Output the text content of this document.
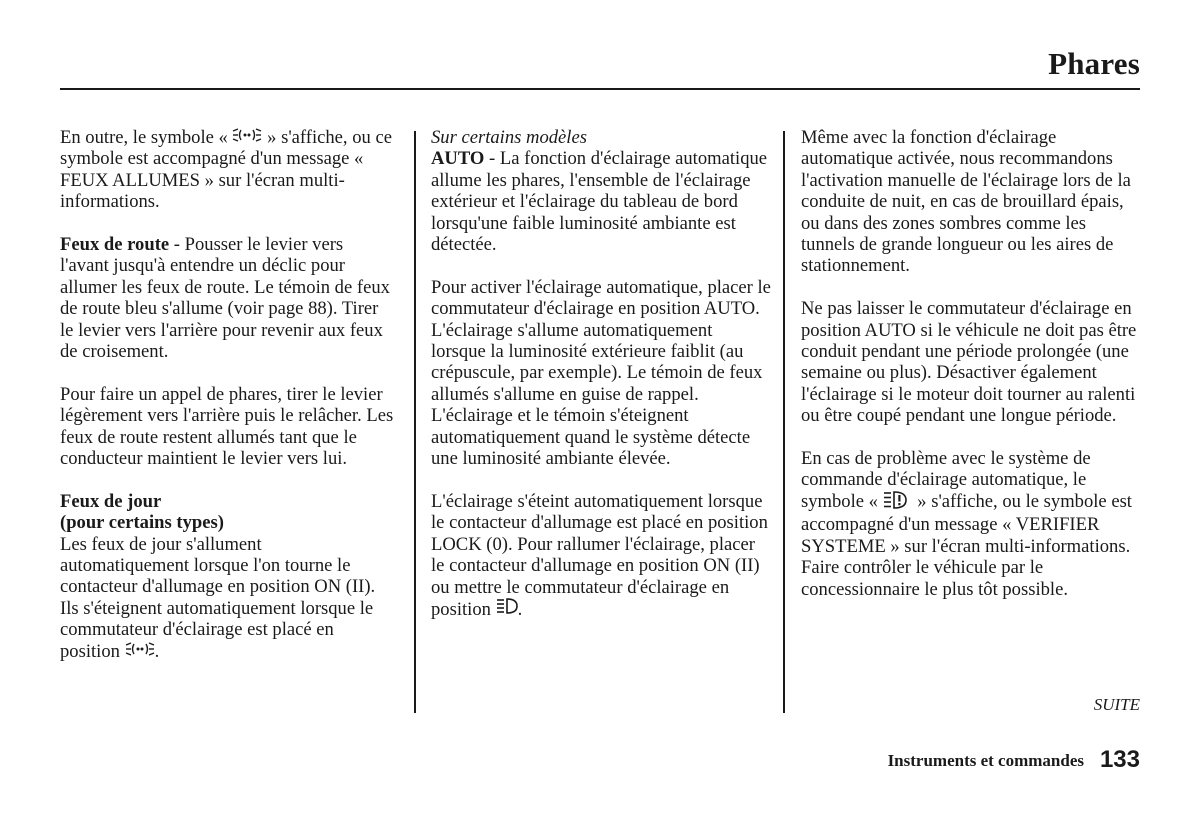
Phares

En outre, le symbole «  » s'affiche, ou ce symbole est accompagné d'un message « FEUX ALLUMES » sur l'écran multi-informations.

Feux de route - Pousser le levier vers l'avant jusqu'à entendre un déclic pour allumer les feux de route. Le témoin de feux de route bleu s'allume (voir page 88). Tirer le levier vers l'arrière pour revenir aux feux de croisement.

Pour faire un appel de phares, tirer le levier légèrement vers l'arrière puis le relâcher. Les feux de route restent allumés tant que le conducteur maintient le levier vers lui.

Feux de jour
(pour certains types)
Les feux de jour s'allument automatiquement lorsque l'on tourne le contacteur d'allumage en position ON (II). Ils s'éteignent automatiquement lorsque le commutateur d'éclairage est placé en position .

Sur certains modèles
AUTO - La fonction d'éclairage automatique allume les phares, l'ensemble de l'éclairage extérieur et l'éclairage du tableau de bord lorsqu'une faible luminosité ambiante est détectée.

Pour activer l'éclairage automatique, placer le commutateur d'éclairage en position AUTO. L'éclairage s'allume automatiquement lorsque la luminosité extérieure faiblit (au crépuscule, par exemple). Le témoin de feux allumés s'allume en guise de rappel. L'éclairage et le témoin s'éteignent automatiquement quand le système détecte une luminosité ambiante élevée.

L'éclairage s'éteint automatiquement lorsque le contacteur d'allumage est placé en position LOCK (0). Pour rallumer l'éclairage, placer le contacteur d'allumage en position ON (II) ou mettre le commutateur d'éclairage en position .

Même avec la fonction d'éclairage automatique activée, nous recommandons l'activation manuelle de l'éclairage lors de la conduite de nuit, en cas de brouillard épais, ou dans des zones sombres comme les tunnels de grande longueur ou les aires de stationnement.

Ne pas laisser le commutateur d'éclairage en position AUTO si le véhicule ne doit pas être conduit pendant une période prolongée (une semaine ou plus). Désactiver également l'éclairage si le moteur doit tourner au ralenti ou être coupé pendant une longue période.

En cas de problème avec le système de commande d'éclairage automatique, le symbole «  » s'affiche, ou le symbole est accompagné d'un message « VERIFIER SYSTEME » sur l'écran multi-informations. Faire contrôler le véhicule par le concessionnaire le plus tôt possible.

SUITE
Instruments et commandes 133
